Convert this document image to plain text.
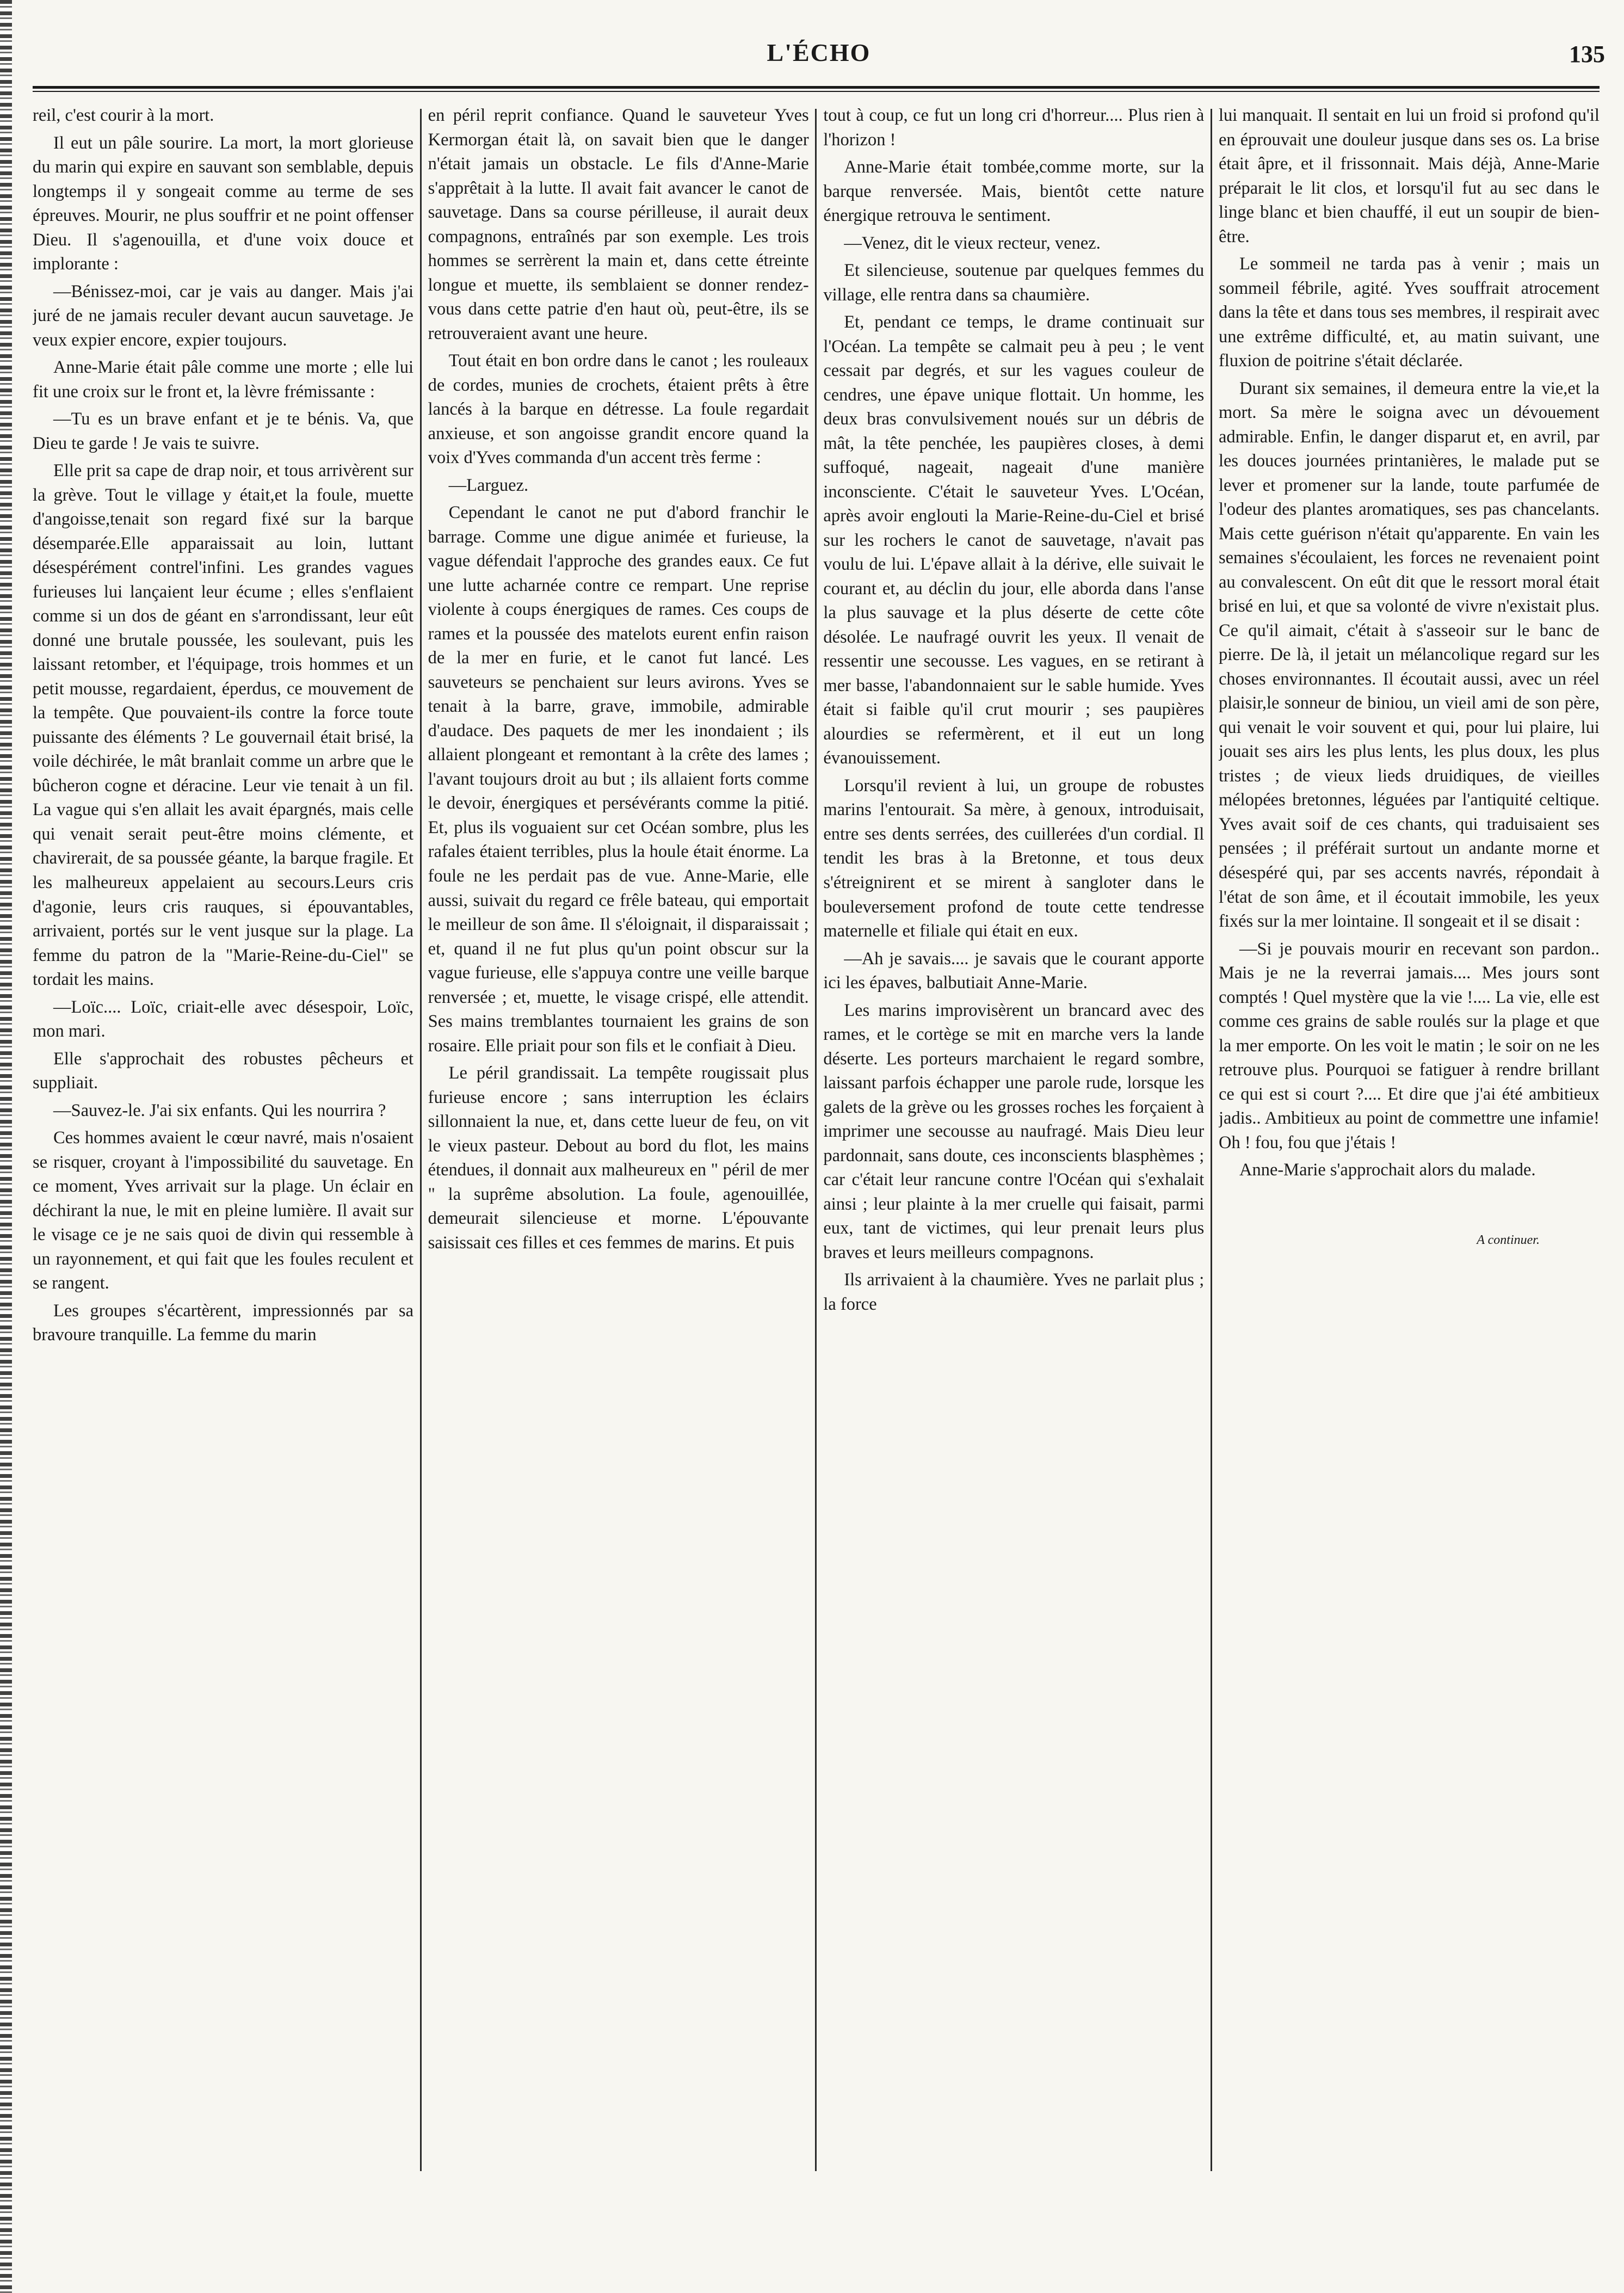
L'ÉCHO	135

reil, c'est courir à la mort.

Il eut un pâle sourire. La mort, la mort glorieuse du marin qui expire en sauvant son semblable, depuis longtemps il y songeait comme au terme de ses épreuves. Mourir, ne plus souffrir et ne point offenser Dieu. Il s'agenouilla, et d'une voix douce et implorante :

—Bénissez-moi, car je vais au danger. Mais j'ai juré de ne jamais reculer devant aucun sauvetage. Je veux expier encore, expier toujours.

Anne-Marie était pâle comme une morte ; elle lui fit une croix sur le front et, la lèvre frémissante :

—Tu es un brave enfant et je te bénis. Va, que Dieu te garde ! Je vais te suivre.

Elle prit sa cape de drap noir, et tous arrivèrent sur la grève. Tout le village y était,et la foule, muette d'angoisse,tenait son regard fixé sur la barque désemparée.Elle apparaissait au loin, luttant désespérément contrel'infini. Les grandes vagues furieuses lui lançaient leur écume ; elles s'enflaient comme si un dos de géant en s'arrondissant, leur eût donné une brutale poussée, les soulevant, puis les laissant retomber, et l'équipage, trois hommes et un petit mousse, regardaient, éperdus, ce mouvement de la tempête. Que pouvaient-ils contre la force toute puissante des éléments ? Le gouvernail était brisé, la voile déchirée, le mât branlait comme un arbre que le bûcheron cogne et déracine. Leur vie tenait à un fil. La vague qui s'en allait les avait épargnés, mais celle qui venait serait peut-être moins clémente, et chavirerait, de sa poussée géante, la barque fragile. Et les malheureux appelaient au secours.Leurs cris d'agonie, leurs cris rauques, si épouvantables, arrivaient, portés sur le vent jusque sur la plage. La femme du patron de la "Marie-Reine-du-Ciel" se tordait les mains.

—Loïc.... Loïc, criait-elle avec désespoir, Loïc, mon mari.

Elle s'approchait des robustes pêcheurs et suppliait.

—Sauvez-le. J'ai six enfants. Qui les nourrira ?

Ces hommes avaient le cœur navré, mais n'osaient se risquer, croyant à l'impossibilité du sauvetage. En ce moment, Yves arrivait sur la plage. Un éclair en déchirant la nue, le mit en pleine lumière. Il avait sur le visage ce je ne sais quoi de divin qui ressemble à un rayonnement, et qui fait que les foules reculent et se rangent.

Les groupes s'écartèrent, impressionnés par sa bravoure tranquille. La femme du marin

en péril reprit confiance. Quand le sauveteur Yves Kermorgan était là, on savait bien que le danger n'était jamais un obstacle. Le fils d'Anne-Marie s'apprêtait à la lutte. Il avait fait avancer le canot de sauvetage. Dans sa course périlleuse, il aurait deux compagnons, entraînés par son exemple. Les trois hommes se serrèrent la main et, dans cette étreinte longue et muette, ils semblaient se donner rendez-vous dans cette patrie d'en haut où, peut-être, ils se retrouveraient avant une heure.

Tout était en bon ordre dans le canot ; les rouleaux de cordes, munies de crochets, étaient prêts à être lancés à la barque en détresse. La foule regardait anxieuse, et son angoisse grandit encore quand la voix d'Yves commanda d'un accent très ferme :

—Larguez.

Cependant le canot ne put d'abord franchir le barrage. Comme une digue animée et furieuse, la vague défendait l'approche des grandes eaux. Ce fut une lutte acharnée contre ce rempart. Une reprise violente à coups énergiques de rames. Ces coups de rames et la poussée des matelots eurent enfin raison de la mer en furie, et le canot fut lancé. Les sauveteurs se penchaient sur leurs avirons. Yves se tenait à la barre, grave, immobile, admirable d'audace. Des paquets de mer les inondaient ; ils allaient plongeant et remontant à la crête des lames ; l'avant toujours droit au but ; ils allaient forts comme le devoir, énergiques et persévérants comme la pitié. Et, plus ils voguaient sur cet Océan sombre, plus les rafales étaient terribles, plus la houle était énorme. La foule ne les perdait pas de vue. Anne-Marie, elle aussi, suivait du regard ce frêle bateau, qui emportait le meilleur de son âme. Il s'éloignait, il disparaissait ; et, quand il ne fut plus qu'un point obscur sur la vague furieuse, elle s'appuya contre une veille barque renversée ; et, muette, le visage crispé, elle attendit. Ses mains tremblantes tournaient les grains de son rosaire. Elle priait pour son fils et le confiait à Dieu.

Le péril grandissait. La tempête rougissait plus furieuse encore ; sans interruption les éclairs sillonnaient la nue, et, dans cette lueur de feu, on vit le vieux pasteur. Debout au bord du flot, les mains étendues, il donnait aux malheureux en " péril de mer " la suprême absolution. La foule, agenouillée, demeurait silencieuse et morne. L'épouvante saisissait ces filles et ces femmes de marins. Et puis

tout à coup, ce fut un long cri d'horreur.... Plus rien à l'horizon !

Anne-Marie était tombée,comme morte, sur la barque renversée. Mais, bientôt cette nature énergique retrouva le sentiment.

—Venez, dit le vieux recteur, venez.

Et silencieuse, soutenue par quelques femmes du village, elle rentra dans sa chaumière.

Et, pendant ce temps, le drame continuait sur l'Océan. La tempête se calmait peu à peu ; le vent cessait par degrés, et sur les vagues couleur de cendres, une épave unique flottait. Un homme, les deux bras convulsivement noués sur un débris de mât, la tête penchée, les paupières closes, à demi suffoqué, nageait, nageait d'une manière inconsciente. C'était le sauveteur Yves. L'Océan, après avoir englouti la Marie-Reine-du-Ciel et brisé sur les rochers le canot de sauvetage, n'avait pas voulu de lui. L'épave allait à la dérive, elle suivait le courant et, au déclin du jour, elle aborda dans l'anse la plus sauvage et la plus déserte de cette côte désolée. Le naufragé ouvrit les yeux. Il venait de ressentir une secousse. Les vagues, en se retirant à mer basse, l'abandonnaient sur le sable humide. Yves était si faible qu'il crut mourir ; ses paupières alourdies se refermèrent, et il eut un long évanouissement.

Lorsqu'il revient à lui, un groupe de robustes marins l'entourait. Sa mère, à genoux, introduisait, entre ses dents serrées, des cuillerées d'un cordial. Il tendit les bras à la Bretonne, et tous deux s'étreignirent et se mirent à sangloter dans le bouleversement profond de toute cette tendresse maternelle et filiale qui était en eux.

—Ah je savais.... je savais que le courant apporte ici les épaves, balbutiait Anne-Marie.

Les marins improvisèrent un brancard avec des rames, et le cortège se mit en marche vers la lande déserte. Les porteurs marchaient le regard sombre, laissant parfois échapper une parole rude, lorsque les galets de la grève ou les grosses roches les forçaient à imprimer une secousse au naufragé. Mais Dieu leur pardonnait, sans doute, ces inconscients blasphèmes ; car c'était leur rancune contre l'Océan qui s'exhalait ainsi ; leur plainte à la mer cruelle qui faisait, parmi eux, tant de victimes, qui leur prenait leurs plus braves et leurs meilleurs compagnons.

Ils arrivaient à la chaumière. Yves ne parlait plus ; la force

lui manquait. Il sentait en lui un froid si profond qu'il en éprouvait une douleur jusque dans ses os. La brise était âpre, et il frissonnait. Mais déjà, Anne-Marie préparait le lit clos, et lorsqu'il fut au sec dans le linge blanc et bien chauffé, il eut un soupir de bien-être.

Le sommeil ne tarda pas à venir ; mais un sommeil fébrile, agité. Yves souffrait atrocement dans la tête et dans tous ses membres, il respirait avec une extrême difficulté, et, au matin suivant, une fluxion de poitrine s'était déclarée.

Durant six semaines, il demeura entre la vie,et la mort. Sa mère le soigna avec un dévouement admirable. Enfin, le danger disparut et, en avril, par les douces journées printanières, le malade put se lever et promener sur la lande, toute parfumée de l'odeur des plantes aromatiques, ses pas chancelants. Mais cette guérison n'était qu'apparente. En vain les semaines s'écoulaient, les forces ne revenaient point au convalescent. On eût dit que le ressort moral était brisé en lui, et que sa volonté de vivre n'existait plus. Ce qu'il aimait, c'était à s'asseoir sur le banc de pierre. De là, il jetait un mélancolique regard sur les choses environnantes. Il écoutait aussi, avec un réel plaisir,le sonneur de biniou, un vieil ami de son père, qui venait le voir souvent et qui, pour lui plaire, lui jouait ses airs les plus lents, les plus doux, les plus tristes ; de vieux lieds druidiques, de vieilles mélopées bretonnes, léguées par l'antiquité celtique. Yves avait soif de ces chants, qui traduisaient ses pensées ; il préférait surtout un andante morne et désespéré qui, par ses accents navrés, répondait à l'état de son âme, et il écoutait immobile, les yeux fixés sur la mer lointaine. Il songeait et il se disait :

—Si je pouvais mourir en recevant son pardon.. Mais je ne la reverrai jamais.... Mes jours sont comptés ! Quel mystère que la vie !.... La vie, elle est comme ces grains de sable roulés sur la plage et que la mer emporte. On les voit le matin ; le soir on ne les retrouve plus. Pourquoi se fatiguer à rendre brillant ce qui est si court ?.... Et dire que j'ai été ambitieux jadis.. Ambitieux au point de commettre une infamie! Oh ! fou, fou que j'étais !

Anne-Marie s'approchait alors du malade.

A continuer.
